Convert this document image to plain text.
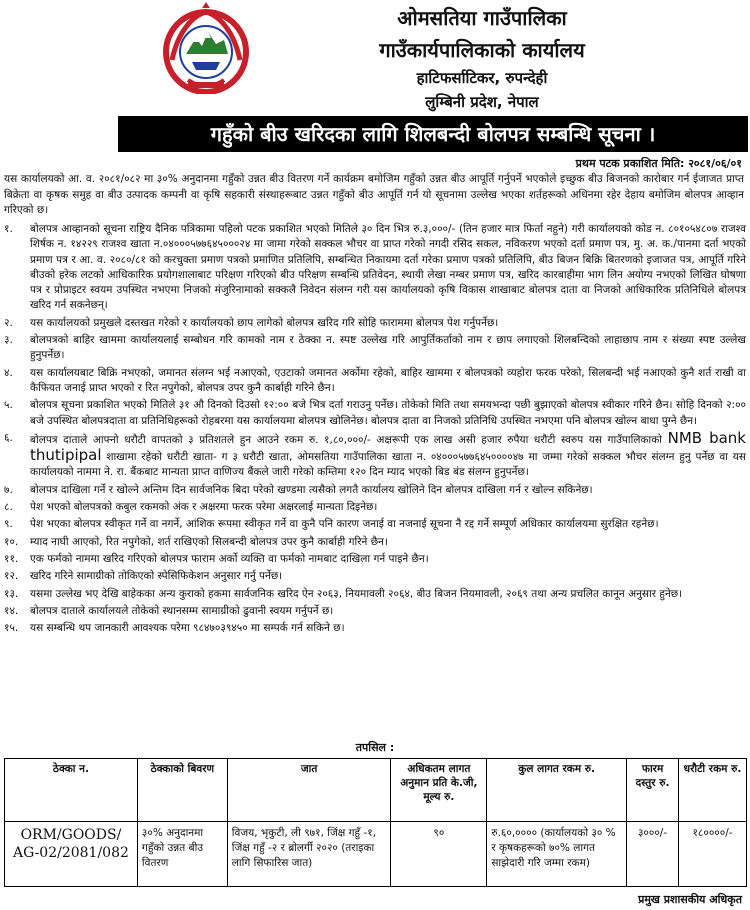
ओमसतिया गाउँपालिका
गाउँकार्यपालिकाको कार्यालय
हाटिफर्साटिकर, रुपन्देही
लुम्बिनी प्रदेश, नेपाल
गहुँको बीउ खरिदका लागि शिलबन्दी बोलपत्र सम्बन्धि सूचना ।
प्रथम पटक प्रकाशित मिति: २०८१/०६/०१
यस कार्यालयको आ. व. २०८१/०८२ मा ३०% अनुदानमा गहुँको उन्नत बीउ वितरण गर्ने कार्यक्रम बमोजिम गहुँको उन्नत बीउ आपूर्ति गर्नुपर्ने भएकोले इच्छुक बीउ बिजनको कारोबार गर्न ईजाजत प्राप्त बिक्रेता वा कृषक समुह वा बीउ उत्पादक कम्पनी वा कृषि सहकारी संस्थाहरूबाट उन्नत गहुँको बीउ आपूर्ति गर्न यो सूचनामा उल्लेख भएका शर्तहरूको अधिनमा रहेर देहाय बमोजिम बोलपत्र आव्हान गरिएको छ।
१.	बोलपत्र आव्हानको सूचना राष्ट्रिय दैनिक पत्रिकामा पहिलो पटक प्रकाशित भएको मितिले ३० दिन भित्र रु.३,०००/- (तिन हजार मात्र फिर्ता नहुने) गरी कार्यालयको कोड न. ८०१०५४८०७ राजश्व शिर्षक न. १४२२९ राजश्व खाता न.०४०००५७७६४५०००२४ मा जामा गरेको सक्कल भौचर वा प्राप्त गरेको नगदी रसिद सकल, नविकरण भएको दर्ता प्रमाण पत्र, मु. अ. क./पानमा दर्ता भएको प्रमाण पत्र र आ. व. २०८०/८१ को करचुक्ता प्रमाण पत्रको प्रमाणित प्रतिलिपि, सम्बन्धित निकायमा दर्ता गरेका प्रमाण पत्रको प्रतिलिपि, बीउ बिजन बिक्रि बितरणको इजाजत पत्र, आपूर्ति गरिने बीउको हरेक लटको आधिकारिक प्रयोगशालाबाट परिक्षण गरिएको बीउ परिक्षण सम्बन्धि प्रतिवेदन, स्थायी लेखा नम्बर प्रमाण पत्र, खरिद कारबाहीमा भाग लिन अयोग्य नभएको लिखित घोषणा पत्र र प्रोप्राइटर स्वयम उपस्थित नभएमा निजको मंजुरिनामाको सक्कलै निवेदन संलग्न गरी यस कार्यालयको कृषि विकास शाखाबाट बोलपत्र दाता वा निजको आधिकारिक प्रतिनिधिले बोलपत्र खरिद गर्न सकनेछन्।
२.	यस कार्यालयको प्रमुखले दस्तखत गरेको र कार्यालयको छाप लागेको बोलपत्र खरिद गरि सोहि फाराममा बोलपत्र पेश गर्नुपर्नेछ।
३.	बोलपत्रको बाहिर खाममा कार्यालयलाई सम्बोधन गरि कामको नाम र ठेक्का न. स्पष्ट उल्लेख गरि आपुर्तिकर्ताको नाम र छाप लगाएको शिलबन्दिको लाहाछाप नाम र संख्या स्पष्ट उल्लेख हुनुपर्नेछ।
४.	यस कार्यालयबाट बिक्रि नभएको, जमानत संलग्न भई नआएको, एउटाको जमानत अर्कोमा रहेको, बाहिर खाममा र बोलपत्रको व्यहोरा फरक परेको, सिलबन्दी भई नआएको कुनै शर्त राखी वा कैफियत जनाई प्राप्त भएको र रित नपुगेको, बोलपत्र उपर कुनै कार्बाही गरिने छैन।
५.	बोलपत्र सूचना प्रकाशित भएको मितिले ३१ औ दिनको दिउसो १२:०० बजे भित्र दर्ता गराउनु पर्नेछ। तोकेको मिति तथा समयभन्दा पछी बुझाएको बोलपत्र स्वीकार गरिने छैन। सोहि दिनको २:०० बजे उपस्थित बोलपत्रदाता वा प्रतिनिधिहरूको रोहबरमा यस कार्यालयमा बोलपत्र खोलिनेछ। बोलपत्र दाता वा निजको प्रतिनिधि उपस्थित नभएमा पनि बोलपत्र खोल्न बाधा पुग्ने छैन।
६.	बोलपत्र दाताले आफ्नो धरौटी वापतको ३ प्रतिशतले हुन आउने रकम रु. १,८०,०००/- अक्षरूपी एक लाख असी हजार रुपैया धरौटी स्वरुप यस गाउँपालिकाको NMB bank thutipipal शाखामा रहेको धरौटी खाता- ग ३ धरौटी खाता, ओमसतिया गाउँपालिका खाता न. ०४०००५७७६४५००००४७ मा जम्मा गरेको सक्कल भौचर संलग्न हुनु पर्नेछ वा यस कार्यालयको नाममा ने. रा. बैंकबाट मान्यता प्राप्त वाणिज्य बैंकले जारी गरेको कम्तिमा १२० दिन म्याद भएको बिड बंड संलग्न हुनुपर्नेछ।
७.	बोलपत्र दाखिला गर्ने र खोल्ने अन्तिम दिन सार्वजनिक बिदा परेको खण्डमा त्यसैको लगतै कार्यालय खोलिने दिन बोलपत्र दाखिला गर्न र खोल्न सकिनेछ।
८.	पेश भएको बोलपत्रको कबुल रकमको अंक र अक्षरमा फरक परेमा अक्षरलाई मान्यता दिइनेछ।
९.	पेश भएका बोलपत्र स्वीकृत गर्ने वा नगर्ने, आंशिक रूपमा स्वीकृत गर्ने वा कुनै पनि कारण जनाई वा नजनाई सूचना नै रद्द गर्ने सम्पूर्ण अधिकार कार्यालयमा सुरक्षित रहनेछ।
१०.	म्याद नाघी आएको, रित नपुगेको, शर्त राखिएको सिलबन्दी बोलपत्र उपर कुनै कार्बाही गरिने छैन।
११.	एक फर्मको नाममा खरिद गरिएको बोलपत्र फाराम अर्को व्यक्ति वा फर्मको नामबाट दाखिला गर्न पाइने छैन।
१२.	खरिद गरिने सामाग्रीको तोकिएको स्पेसिफिकेशन अनुसार गर्नु पर्नेछ।
१३.	यसमा उल्लेख भए देखि बाहेकका अन्य कुराको हकमा सार्वजनिक खरिद ऐन २०६३, नियमावली २०६४, बीउ बिजन नियमावली, २०६९ तथा अन्य प्रचलित कानून अनुसार हुनेछ।
१४.	बोलपत्र दाताले कार्यालयले तोकेको स्थानसम्म सामाग्रीको ढुवानी स्वयम गर्नुपर्ने छ।
१५.	यस सम्बन्धि थप जानकारी आवश्यक परेमा ९८४७०३९४५० मा सम्पर्क गर्न सकिने छ।
तपसिल :
ठेक्का न.	ठेक्काको बिवरण	जात	अधिकतम लागत अनुमान प्रति के.जी, मूल्य रु.	कुल लागत रकम रु.	फारम दस्तुर रु.	धरौटी रकम रु.
ORM/GOODS/ AG-02/2081/082	३०% अनुदानमा गहुँको उन्नत बीउ वितरण	विजय, भृकुटी, ली ९७१, जिंक्ष गहुँ -१, जिंक्ष गहुँ -२ र ब्रोलर्गी २०२० (तराइका लागि सिफारिस जात)	९०	रु.६०,०००० (कार्यालयको ३० % र कृषकहरूको ७०% लागत साझेदारी गरि जम्मा रकम)	३०००/-	१८००००/-
प्रमुख प्रशासकीय अधिकृत
